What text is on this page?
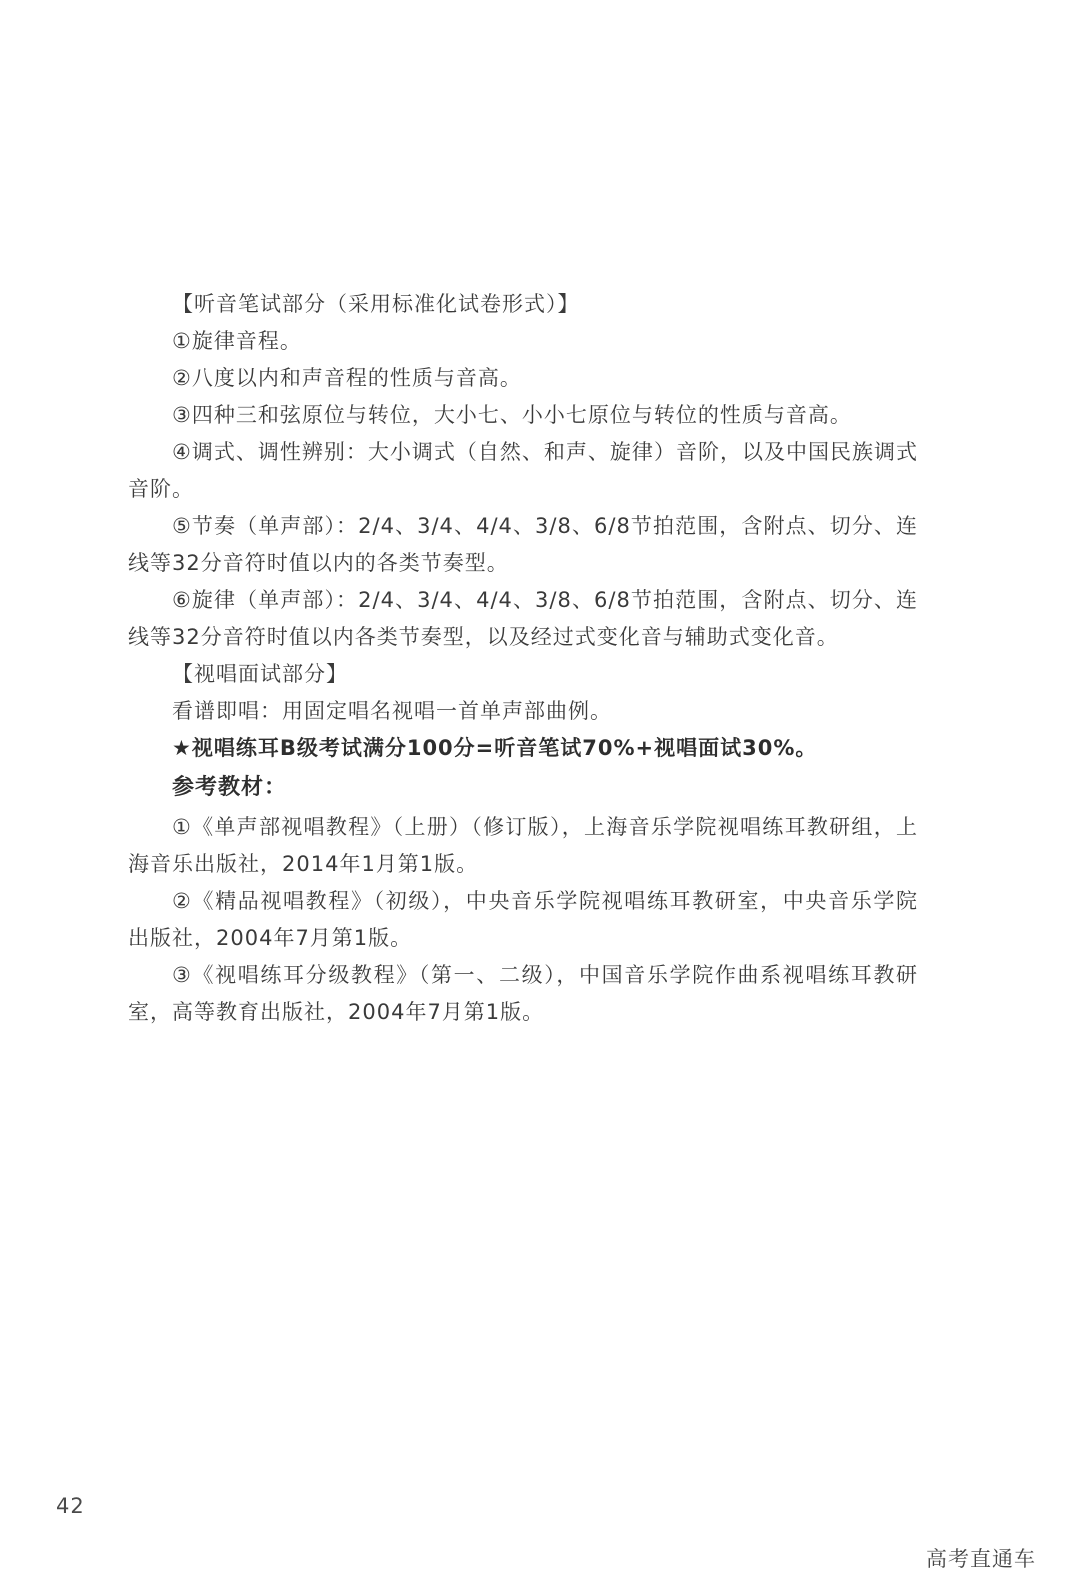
【听音笔试部分（采用标准化试卷形式）】

①旋律音程。

②八度以内和声音程的性质与音高。

③四种三和弦原位与转位，大小七、小小七原位与转位的性质与音高。

④调式、调性辨别：大小调式（自然、和声、旋律）音阶，以及中国民族调式音阶。

⑤节奏（单声部）：2/4、3/4、4/4、3/8、6/8节拍范围，含附点、切分、连线等32分音符时值以内的各类节奏型。

⑥旋律（单声部）：2/4、3/4、4/4、3/8、6/8节拍范围，含附点、切分、连线等32分音符时值以内各类节奏型，以及经过式变化音与辅助式变化音。

【视唱面试部分】

看谱即唱：用固定唱名视唱一首单声部曲例。

★视唱练耳B级考试满分100分=听音笔试70%+视唱面试30%。

参考教材：

①《单声部视唱教程》（上册）（修订版），上海音乐学院视唱练耳教研组，上海音乐出版社，2014年1月第1版。

②《精品视唱教程》（初级），中央音乐学院视唱练耳教研室，中央音乐学院出版社，2004年7月第1版。

③《视唱练耳分级教程》（第一、二级），中国音乐学院作曲系视唱练耳教研室，高等教育出版社，2004年7月第1版。

42
高考直通车
